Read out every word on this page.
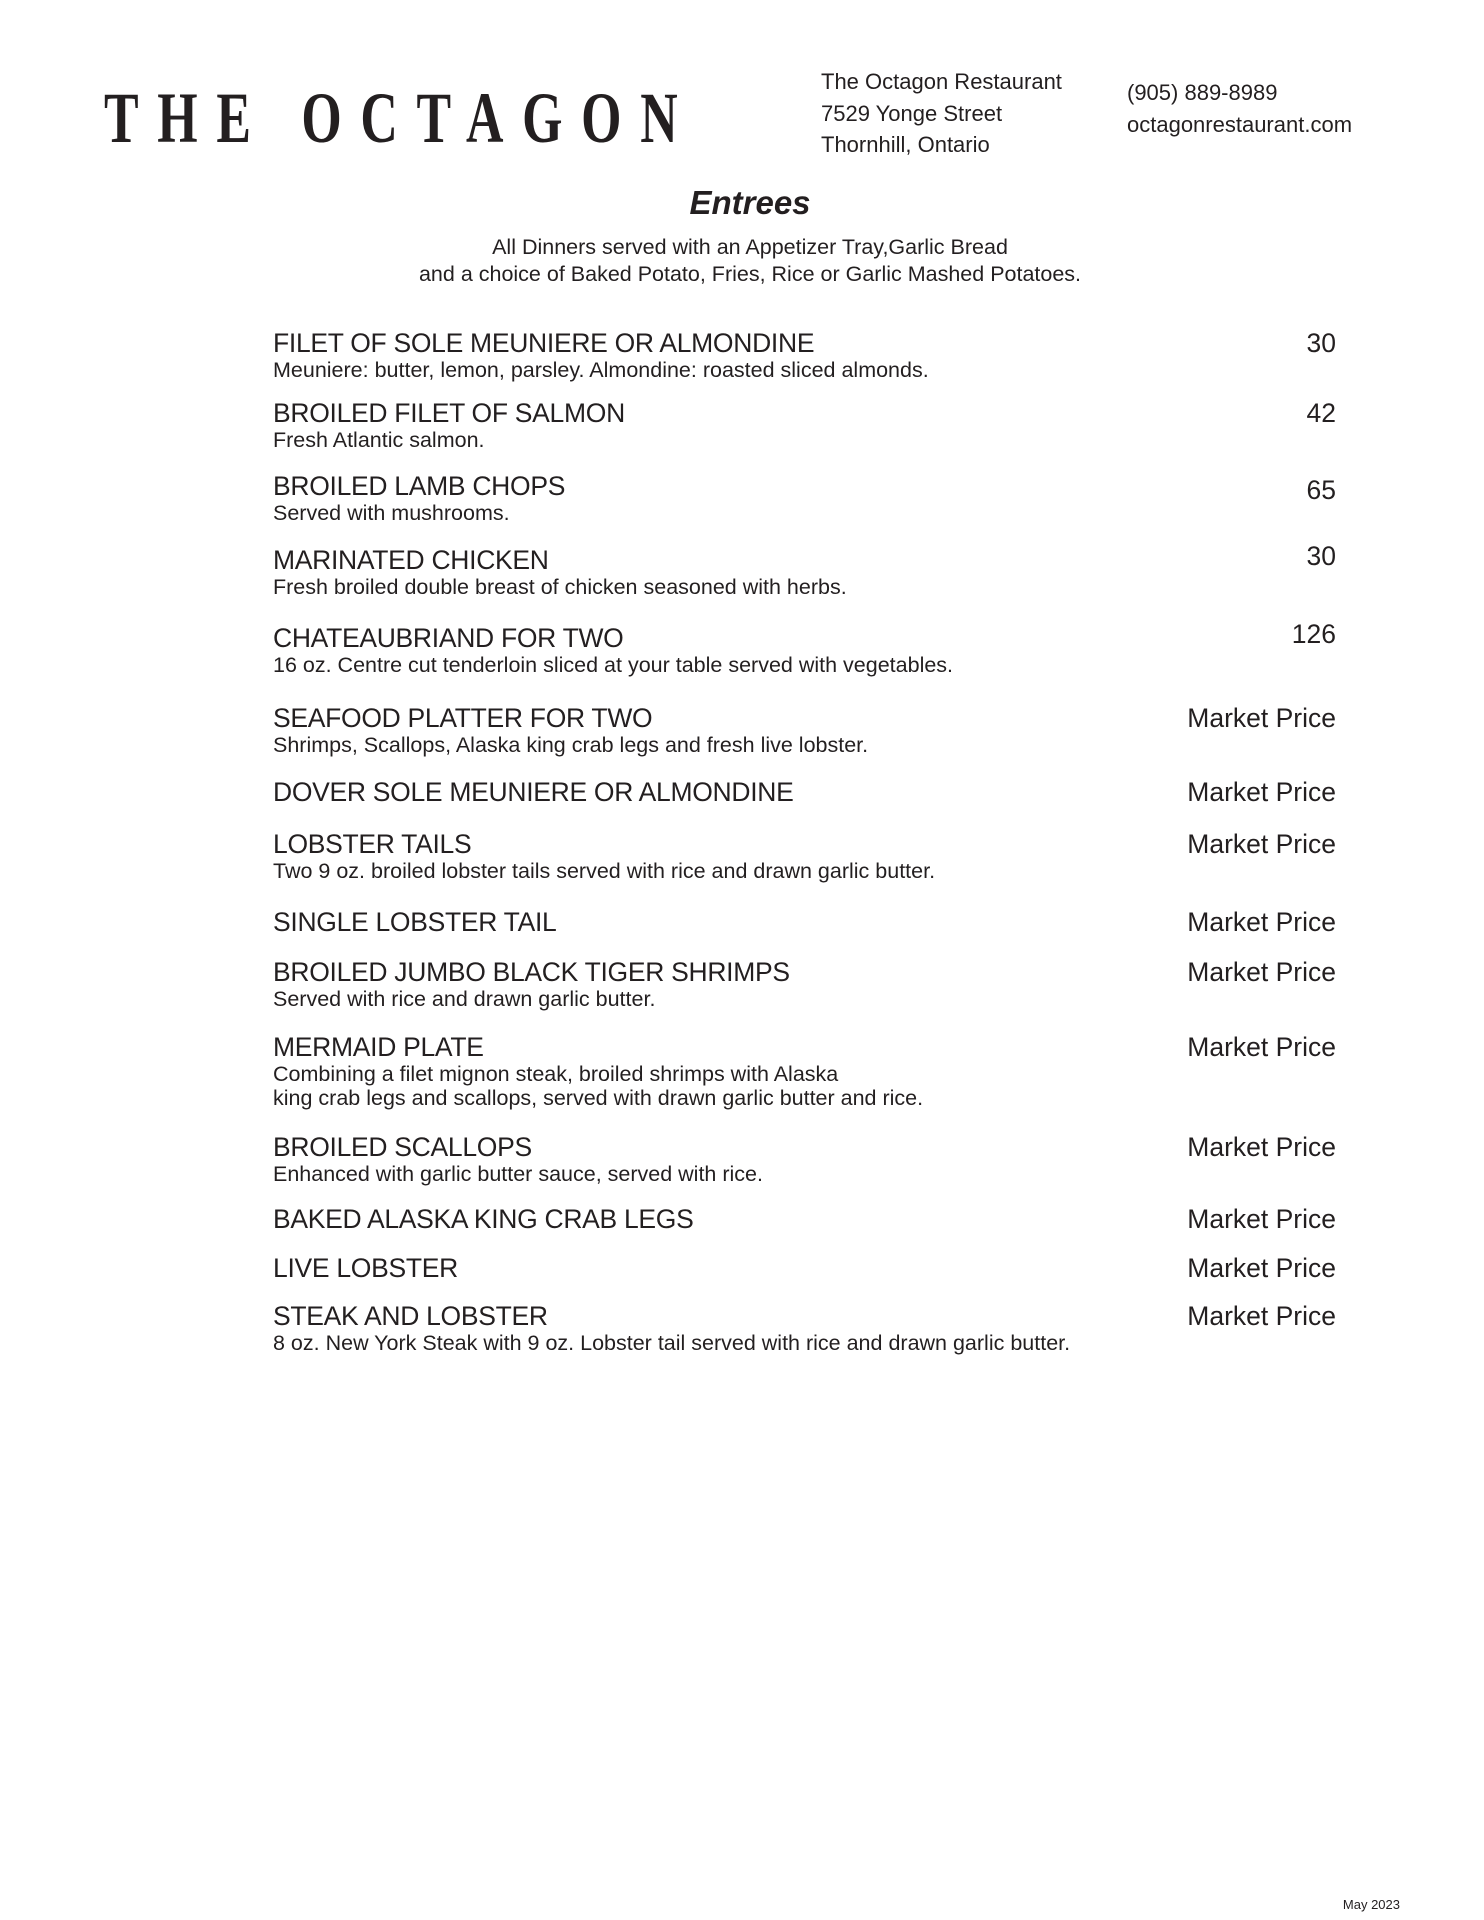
THE OCTAGON	The Octagon Restaurant
7529 Yonge Street
Thornhill, Ontario
(905) 889-8989
octagonrestaurant.com
Entrees
All Dinners served with an Appetizer Tray,Garlic Bread
and a choice of Baked Potato, Fries, Rice or Garlic Mashed Potatoes.
FILET OF SOLE MEUNIERE OR ALMONDINE
Meuniere: butter, lemon, parsley. Almondine: roasted sliced almonds.
30
BROILED FILET OF SALMON
Fresh Atlantic salmon.
42
BROILED LAMB CHOPS
Served with mushrooms.
65
MARINATED CHICKEN
Fresh broiled double breast of chicken seasoned with herbs.
30
CHATEAUBRIAND FOR TWO
16 oz. Centre cut tenderloin sliced at your table served with vegetables.
126
SEAFOOD PLATTER FOR TWO
Shrimps, Scallops, Alaska king crab legs and fresh live lobster.
Market Price
DOVER SOLE MEUNIERE OR ALMONDINE	Market Price
LOBSTER TAILS
Two 9 oz. broiled lobster tails served with rice and drawn garlic butter.
Market Price
SINGLE LOBSTER TAIL	Market Price
BROILED JUMBO BLACK TIGER SHRIMPS
Served with rice and drawn garlic butter.
Market Price
MERMAID PLATE
Combining a filet mignon steak, broiled shrimps with Alaska
king crab legs and scallops, served with drawn garlic butter and rice.
Market Price
BROILED SCALLOPS
Enhanced with garlic butter sauce, served with rice.
Market Price
BAKED ALASKA KING CRAB LEGS	Market Price
LIVE LOBSTER	Market Price
STEAK AND LOBSTER
8 oz. New York Steak with 9 oz. Lobster tail served with rice and drawn garlic butter.
Market Price
May 2023
